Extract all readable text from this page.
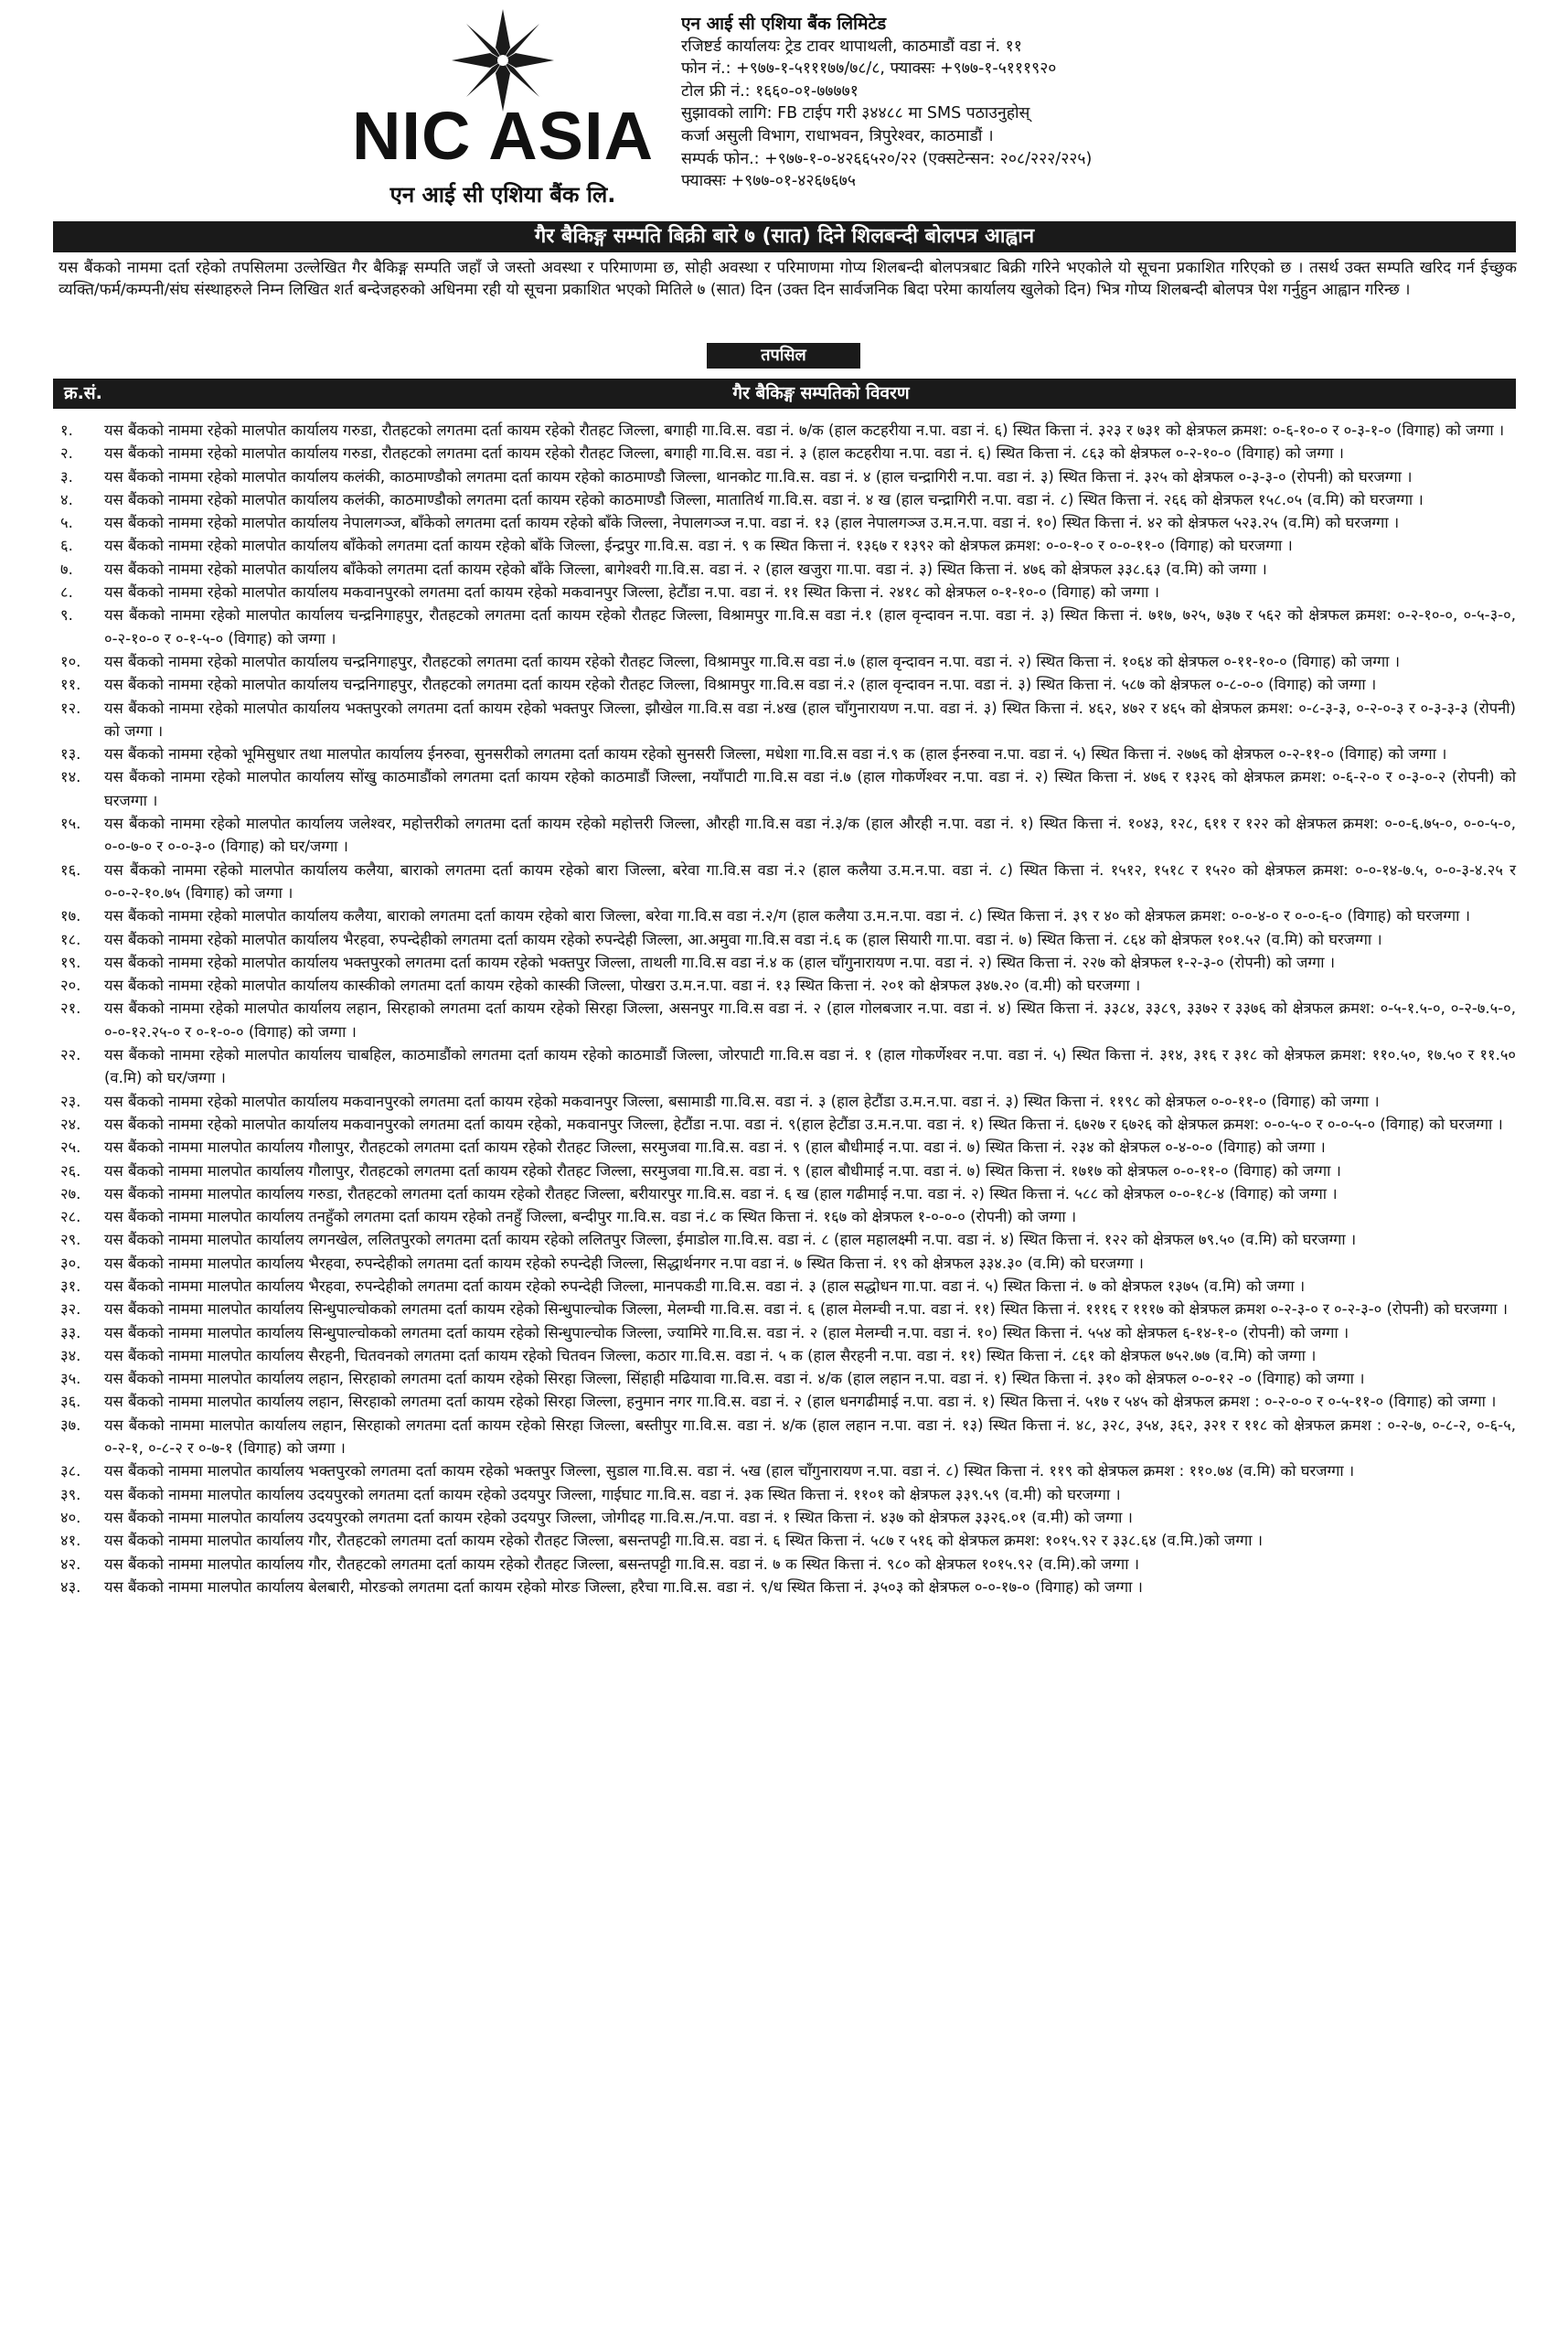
NIC ASIA
एन आई सी एशिया बैंक लि.
एन आई सी एशिया बैंक लिमिटेड
रजिष्टर्ड कार्यालयः ट्रेड टावर थापाथली, काठमाडौं वडा नं. ११
फोन नं.: +९७७-१-५१११७७/७८/८, फ्याक्सः +९७७-१-५१११९२०
टोल फ्री नं.: १६६०-०१-७७७७१
सुझावको लागि: FB टाईप गरी ३४४८८ मा SMS पठाउनुहोस्
कर्जा असुली विभाग, राधाभवन, त्रिपुरेश्वर, काठमाडौं ।
सम्पर्क फोन.: +९७७-१-०-४२६६५२०/२२ (एक्सटेन्सन: २०८/२२२/२२५)
फ्याक्सः +९७७-०१-४२६७६७५
गैर बैकिङ्ग सम्पति बिक्री बारे ७ (सात) दिने शिलबन्दी बोलपत्र आह्वान
यस बैंकको नाममा दर्ता रहेको तपसिलमा उल्लेखित गैर बैकिङ्ग सम्पति जहाँ जे जस्तो अवस्था र परिमाणमा छ, सोही अवस्था र परिमाणमा गोप्य शिलबन्दी बोलपत्रबाट बिक्री गरिने भएकोले यो सूचना प्रकाशित गरिएको छ । तसर्थ उक्त सम्पति खरिद गर्न ईच्छुक व्यक्ति/फर्म/कम्पनी/संघ संस्थाहरुले निम्न लिखित शर्त बन्देजहरुको अधिनमा रही यो सूचना प्रकाशित भएको मितिले ७ (सात) दिन (उक्त दिन सार्वजनिक बिदा परेमा कार्यालय खुलेको दिन) भित्र गोप्य शिलबन्दी बोलपत्र पेश गर्नुहुन आह्वान गरिन्छ ।
तपसिल
क्र.सं.	गैर बैकिङ्ग सम्पतिको विवरण
१.	यस बैंकको नाममा रहेको मालपोत कार्यालय गरुडा, रौतहटको लगतमा दर्ता कायम रहेको रौतहट जिल्ला, बगाही गा.वि.स. वडा नं. ७/क (हाल कटहरीया न.पा. वडा नं. ६) स्थित कित्ता नं. ३२३ र ७३१ को क्षेत्रफल क्रमश: ०-६-१०-० र ०-३-१-० (विगाह) को जग्गा ।
२.	यस बैंकको नाममा रहेको मालपोत कार्यालय गरुडा, रौतहटको लगतमा दर्ता कायम रहेको रौतहट जिल्ला, बगाही गा.वि.स. वडा नं. ३ (हाल कटहरीया न.पा. वडा नं. ६) स्थित कित्ता नं. ८६३ को क्षेत्रफल ०-२-१०-० (विगाह) को जग्गा ।
३.	यस बैंकको नाममा रहेको मालपोत कार्यालय कलंकी, काठमाण्डौको लगतमा दर्ता कायम रहेको काठमाण्डौ जिल्ला, थानकोट गा.वि.स. वडा नं. ४ (हाल चन्द्रागिरी न.पा. वडा नं. ३) स्थित कित्ता नं. ३२५ को क्षेत्रफल ०-३-३-० (रोपनी) को घरजग्गा ।
४.	यस बैंकको नाममा रहेको मालपोत कार्यालय कलंकी, काठमाण्डौको लगतमा दर्ता कायम रहेको काठमाण्डौ जिल्ला, मातातिर्थ गा.वि.स. वडा नं. ४ ख (हाल चन्द्रागिरी न.पा. वडा नं. ८) स्थित कित्ता नं. २६६ को क्षेत्रफल १५८.०५ (व.मि) को घरजग्गा ।
५.	यस बैंकको नाममा रहेको मालपोत कार्यालय नेपालगञ्ज, बाँकेको लगतमा दर्ता कायम रहेको बाँके जिल्ला, नेपालगञ्ज न.पा. वडा नं. १३ (हाल नेपालगञ्ज उ.म.न.पा. वडा नं. १०) स्थित कित्ता नं. ४२ को क्षेत्रफल ५२३.२५ (व.मि) को घरजग्गा ।
६.	यस बैंकको नाममा रहेको मालपोत कार्यालय बाँकेको लगतमा दर्ता कायम रहेको बाँके जिल्ला, ईन्द्रपुर गा.वि.स. वडा नं. ९ क स्थित कित्ता नं. १३६७ र १३९२ को क्षेत्रफल क्रमश: ०-०-१-० र ०-०-११-० (विगाह) को घरजग्गा ।
७.	यस बैंकको नाममा रहेको मालपोत कार्यालय बाँकेको लगतमा दर्ता कायम रहेको बाँके जिल्ला, बागेश्वरी गा.वि.स. वडा नं. २ (हाल खजुरा गा.पा. वडा नं. ३) स्थित कित्ता नं. ४७६ को क्षेत्रफल ३३८.६३ (व.मि) को जग्गा ।
८.	यस बैंकको नाममा रहेको मालपोत कार्यालय मकवानपुरको लगतमा दर्ता कायम रहेको मकवानपुर जिल्ला, हेटौंडा न.पा. वडा नं. ११ स्थित कित्ता नं. २४१८ को क्षेत्रफल ०-१-१०-० (विगाह) को जग्गा ।
९.	यस बैंकको नाममा रहेको मालपोत कार्यालय चन्द्रनिगाहपुर, रौतहटको लगतमा दर्ता कायम रहेको रौतहट जिल्ला, विश्रामपुर गा.वि.स वडा नं.१ (हाल वृन्दावन न.पा. वडा नं. ३) स्थित कित्ता नं. ७१७, ७२५, ७३७ र ५६२ को क्षेत्रफल क्रमश: ०-२-१०-०, ०-५-३-०, ०-२-१०-० र ०-१-५-० (विगाह) को जग्गा ।
१०.	यस बैंकको नाममा रहेको मालपोत कार्यालय चन्द्रनिगाहपुर, रौतहटको लगतमा दर्ता कायम रहेको रौतहट जिल्ला, विश्रामपुर गा.वि.स वडा नं.७ (हाल वृन्दावन न.पा. वडा नं. २) स्थित कित्ता नं. १०६४ को क्षेत्रफल ०-११-१०-० (विगाह) को जग्गा ।
११.	यस बैंकको नाममा रहेको मालपोत कार्यालय चन्द्रनिगाहपुर, रौतहटको लगतमा दर्ता कायम रहेको रौतहट जिल्ला, विश्रामपुर गा.वि.स वडा नं.२ (हाल वृन्दावन न.पा. वडा नं. ३) स्थित कित्ता नं. ५८७ को क्षेत्रफल ०-८-०-० (विगाह) को जग्गा ।
१२.	यस बैंकको नाममा रहेको मालपोत कार्यालय भक्तपुरको लगतमा दर्ता कायम रहेको भक्तपुर जिल्ला, झौखेल गा.वि.स वडा नं.४ख (हाल चाँगुनारायण न.पा. वडा नं. ३) स्थित कित्ता नं. ४६२, ४७२ र ४६५ को क्षेत्रफल क्रमश: ०-८-३-३, ०-२-०-३ र ०-३-३-३ (रोपनी) को जग्गा ।
१३.	यस बैंकको नाममा रहेको भूमिसुधार तथा मालपोत कार्यालय ईनरुवा, सुनसरीको लगतमा दर्ता कायम रहेको सुनसरी जिल्ला, मधेशा गा.वि.स वडा नं.९ क (हाल ईनरुवा न.पा. वडा नं. ५) स्थित कित्ता नं. २७७६ को क्षेत्रफल ०-२-११-० (विगाह) को जग्गा ।
१४.	यस बैंकको नाममा रहेको मालपोत कार्यालय सोंखु काठमाडौंको लगतमा दर्ता कायम रहेको काठमाडौं जिल्ला, नयाँपाटी गा.वि.स वडा नं.७ (हाल गोकर्णेश्वर न.पा. वडा नं. २) स्थित कित्ता नं. ४७६ र १३२६ को क्षेत्रफल क्रमश: ०-६-२-० र ०-३-०-२ (रोपनी) को घरजग्गा ।
१५.	यस बैंकको नाममा रहेको मालपोत कार्यालय जलेश्वर, महोत्तरीको लगतमा दर्ता कायम रहेको महोत्तरी जिल्ला, औरही गा.वि.स वडा नं.३/क (हाल औरही न.पा. वडा नं. १) स्थित कित्ता नं. १०४३, १२८, ६११ र १२२ को क्षेत्रफल क्रमश: ०-०-६.७५-०, ०-०-५-०, ०-०-७-० र ०-०-३-० (विगाह) को घर/जग्गा ।
१६.	यस बैंकको नाममा रहेको मालपोत कार्यालय कलैया, बाराको लगतमा दर्ता कायम रहेको बारा जिल्ला, बरेवा गा.वि.स वडा नं.२ (हाल कलैया उ.म.न.पा. वडा नं. ८) स्थित कित्ता नं. १५१२, १५१८ र १५२० को क्षेत्रफल क्रमश: ०-०-१४-७.५, ०-०-३-४.२५ र ०-०-२-१०.७५ (विगाह) को जग्गा ।
१७.	यस बैंकको नाममा रहेको मालपोत कार्यालय कलैया, बाराको लगतमा दर्ता कायम रहेको बारा जिल्ला, बरेवा गा.वि.स वडा नं.२/ग (हाल कलैया उ.म.न.पा. वडा नं. ८) स्थित कित्ता नं. ३९ र ४० को क्षेत्रफल क्रमश: ०-०-४-० र ०-०-६-० (विगाह) को घरजग्गा ।
१८.	यस बैंकको नाममा रहेको मालपोत कार्यालय भैरहवा, रुपन्देहीको लगतमा दर्ता कायम रहेको रुपन्देही जिल्ला, आ.अमुवा गा.वि.स वडा नं.६ क (हाल सियारी गा.पा. वडा नं. ७) स्थित कित्ता नं. ८६४ को क्षेत्रफल १०१.५२ (व.मि) को घरजग्गा ।
१९.	यस बैंकको नाममा रहेको मालपोत कार्यालय भक्तपुरको लगतमा दर्ता कायम रहेको भक्तपुर जिल्ला, ताथली गा.वि.स वडा नं.४ क (हाल चाँगुनारायण न.पा. वडा नं. २) स्थित कित्ता नं. २२७ को क्षेत्रफल १-२-३-० (रोपनी) को जग्गा ।
२०.	यस बैंकको नाममा रहेको मालपोत कार्यालय कास्कीको लगतमा दर्ता कायम रहेको कास्की जिल्ला, पोखरा उ.म.न.पा. वडा नं. १३ स्थित कित्ता नं. २०१ को क्षेत्रफल ३४७.२० (व.मी) को घरजग्गा ।
२१.	यस बैंकको नाममा रहेको मालपोत कार्यालय लहान, सिरहाको लगतमा दर्ता कायम रहेको सिरहा जिल्ला, असनपुर गा.वि.स वडा नं. २ (हाल गोलबजार न.पा. वडा नं. ४) स्थित कित्ता नं. ३३८४, ३३८९, ३३७२ र ३३७६ को क्षेत्रफल क्रमश: ०-५-१.५-०, ०-२-७.५-०, ०-०-१२.२५-० र ०-१-०-० (विगाह) को जग्गा ।
२२.	यस बैंकको नाममा रहेको मालपोत कार्यालय चाबहिल, काठमाडौंको लगतमा दर्ता कायम रहेको काठमाडौं जिल्ला, जोरपाटी गा.वि.स वडा नं. १ (हाल गोकर्णेश्वर न.पा. वडा नं. ५) स्थित कित्ता नं. ३१४, ३१६ र ३१८ को क्षेत्रफल क्रमश: ११०.५०, १७.५० र ११.५० (व.मि) को घर/जग्गा ।
२३.	यस बैंकको नाममा रहेको मालपोत कार्यालय मकवानपुरको लगतमा दर्ता कायम रहेको मकवानपुर जिल्ला, बसामाडी गा.वि.स. वडा नं. ३ (हाल हेटौंडा उ.म.न.पा. वडा नं. ३) स्थित कित्ता नं. ११९८ को क्षेत्रफल ०-०-११-० (विगाह) को जग्गा ।
२४.	यस बैंकको नाममा रहेको मालपोत कार्यालय मकवानपुरको लगतमा दर्ता कायम रहेको, मकवानपुर जिल्ला, हेटौंडा न.पा. वडा नं. ९(हाल हेटौंडा उ.म.न.पा. वडा नं. १) स्थित कित्ता नं. ६७२७ र ६७२६ को क्षेत्रफल क्रमश: ०-०-५-० र ०-०-५-० (विगाह) को घरजग्गा ।
२५.	यस बैंकको नाममा मालपोत कार्यालय गौलापुर, रौतहटको लगतमा दर्ता कायम रहेको रौतहट जिल्ला, सरमुजवा गा.वि.स. वडा नं. ९ (हाल बौधीमाई न.पा. वडा नं. ७) स्थित कित्ता नं. २३४ को क्षेत्रफल ०-४-०-० (विगाह) को जग्गा ।
२६.	यस बैंकको नाममा मालपोत कार्यालय गौलापुर, रौतहटको लगतमा दर्ता कायम रहेको रौतहट जिल्ला, सरमुजवा गा.वि.स. वडा नं. ९ (हाल बौधीमाई न.पा. वडा नं. ७) स्थित कित्ता नं. १७१७ को क्षेत्रफल ०-०-११-० (विगाह) को जग्गा ।
२७.	यस बैंकको नाममा मालपोत कार्यालय गरुडा, रौतहटको लगतमा दर्ता कायम रहेको रौतहट जिल्ला, बरीयारपुर गा.वि.स. वडा नं. ६ ख (हाल गढीमाई न.पा. वडा नं. २) स्थित कित्ता नं. ५८८ को क्षेत्रफल ०-०-१८-४ (विगाह) को जग्गा ।
२८.	यस बैंकको नाममा मालपोत कार्यालय तनहुँको लगतमा दर्ता कायम रहेको तनहुँ जिल्ला, बन्दीपुर गा.वि.स. वडा नं.८ क स्थित कित्ता नं. १६७ को क्षेत्रफल १-०-०-० (रोपनी) को जग्गा ।
२९.	यस बैंकको नाममा मालपोत कार्यालय लगनखेल, ललितपुरको लगतमा दर्ता कायम रहेको ललितपुर जिल्ला, ईमाडोल गा.वि.स. वडा नं. ८ (हाल महालक्ष्मी न.पा. वडा नं. ४) स्थित कित्ता नं. १२२ को क्षेत्रफल ७९.५० (व.मि) को घरजग्गा ।
३०.	यस बैंकको नाममा मालपोत कार्यालय भैरहवा, रुपन्देहीको लगतमा दर्ता कायम रहेको रुपन्देही जिल्ला, सिद्धार्थनगर न.पा वडा नं. ७ स्थित कित्ता नं. १९ को क्षेत्रफल ३३४.३० (व.मि) को घरजग्गा ।
३१.	यस बैंकको नाममा मालपोत कार्यालय भैरहवा, रुपन्देहीको लगतमा दर्ता कायम रहेको रुपन्देही जिल्ला, मानपकडी गा.वि.स. वडा नं. ३ (हाल सद्धोधन गा.पा. वडा नं. ५) स्थित कित्ता नं. ७ को क्षेत्रफल १३७५ (व.मि) को जग्गा ।
३२.	यस बैंकको नाममा मालपोत कार्यालय सिन्धुपाल्चोकको लगतमा दर्ता कायम रहेको सिन्धुपाल्चोक जिल्ला, मेलम्ची गा.वि.स. वडा नं. ६ (हाल मेलम्ची न.पा. वडा नं. ११) स्थित कित्ता नं. १११६ र १११७ को क्षेत्रफल क्रमश ०-२-३-० र ०-२-३-० (रोपनी) को घरजग्गा ।
३३.	यस बैंकको नाममा मालपोत कार्यालय सिन्धुपाल्चोकको लगतमा दर्ता कायम रहेको सिन्धुपाल्चोक जिल्ला, ज्यामिरे गा.वि.स. वडा नं. २ (हाल मेलम्ची न.पा. वडा नं. १०) स्थित कित्ता नं. ५५४ को क्षेत्रफल ६-१४-१-० (रोपनी) को जग्गा ।
३४.	यस बैंकको नाममा मालपोत कार्यालय सैरहनी, चितवनको लगतमा दर्ता कायम रहेको चितवन जिल्ला, कठार गा.वि.स. वडा नं. ५ क (हाल सैरहनी न.पा. वडा नं. ११) स्थित कित्ता नं. ८६१ को क्षेत्रफल ७५२.७७ (व.मि) को जग्गा ।
३५.	यस बैंकको नाममा मालपोत कार्यालय लहान, सिरहाको लगतमा दर्ता कायम रहेको सिरहा जिल्ला, सिंहाही मढियावा गा.वि.स. वडा नं. ४/क (हाल लहान न.पा. वडा नं. १) स्थित कित्ता नं. ३१० को क्षेत्रफल ०-०-१२ -० (विगाह) को जग्गा ।
३६.	यस बैंकको नाममा मालपोत कार्यालय लहान, सिरहाको लगतमा दर्ता कायम रहेको सिरहा जिल्ला, हनुमान नगर गा.वि.स. वडा नं. २ (हाल धनगढीमाई न.पा. वडा नं. १) स्थित कित्ता नं. ५१७ र ५४५ को क्षेत्रफल क्रमश : ०-२-०-० र ०-५-११-० (विगाह) को जग्गा ।
३७.	यस बैंकको नाममा मालपोत कार्यालय लहान, सिरहाको लगतमा दर्ता कायम रहेको सिरहा जिल्ला, बस्तीपुर गा.वि.स. वडा नं. ४/क (हाल लहान न.पा. वडा नं. १३) स्थित कित्ता नं. ४८, ३२८, ३५४, ३६२, ३२१ र ११८ को क्षेत्रफल क्रमश : ०-२-७, ०-८-२, ०-६-५, ०-२-१, ०-८-२ र ०-७-१ (विगाह) को जग्गा ।
३८.	यस बैंकको नाममा मालपोत कार्यालय भक्तपुरको लगतमा दर्ता कायम रहेको भक्तपुर जिल्ला, सुडाल गा.वि.स. वडा नं. ५ख (हाल चाँगुनारायण न.पा. वडा नं. ८) स्थित कित्ता नं. ११९ को क्षेत्रफल क्रमश : ११०.७४ (व.मि) को घरजग्गा ।
३९.	यस बैंकको नाममा मालपोत कार्यालय उदयपुरको लगतमा दर्ता कायम रहेको उदयपुर जिल्ला, गाईघाट गा.वि.स. वडा नं. ३क स्थित कित्ता नं. ११०१ को क्षेत्रफल ३३९.५९ (व.मी) को घरजग्गा ।
४०.	यस बैंकको नाममा मालपोत कार्यालय उदयपुरको लगतमा दर्ता कायम रहेको उदयपुर जिल्ला, जोगीदह गा.वि.स./न.पा. वडा नं. १ स्थित कित्ता नं. ४३७ को क्षेत्रफल ३३२६.०१ (व.मी) को जग्गा ।
४१.	यस बैंकको नाममा मालपोत कार्यालय गौर, रौतहटको लगतमा दर्ता कायम रहेको रौतहट जिल्ला, बसन्तपट्टी गा.वि.स. वडा नं. ६ स्थित कित्ता नं. ५८७ र ५१६ को क्षेत्रफल क्रमश: १०१५.९२ र ३३८.६४ (व.मि.)को जग्गा ।
४२.	यस बैंकको नाममा मालपोत कार्यालय गौर, रौतहटको लगतमा दर्ता कायम रहेको रौतहट जिल्ला, बसन्तपट्टी गा.वि.स. वडा नं. ७ क स्थित कित्ता नं. ९८० को क्षेत्रफल १०१५.९२ (व.मि).को जग्गा ।
४३.	यस बैंकको नाममा मालपोत कार्यालय बेलबारी, मोरङको लगतमा दर्ता कायम रहेको मोरङ जिल्ला, हरैचा गा.वि.स. वडा नं. ९/ध स्थित कित्ता नं. ३५०३ को क्षेत्रफल ०-०-१७-० (विगाह) को जग्गा ।
